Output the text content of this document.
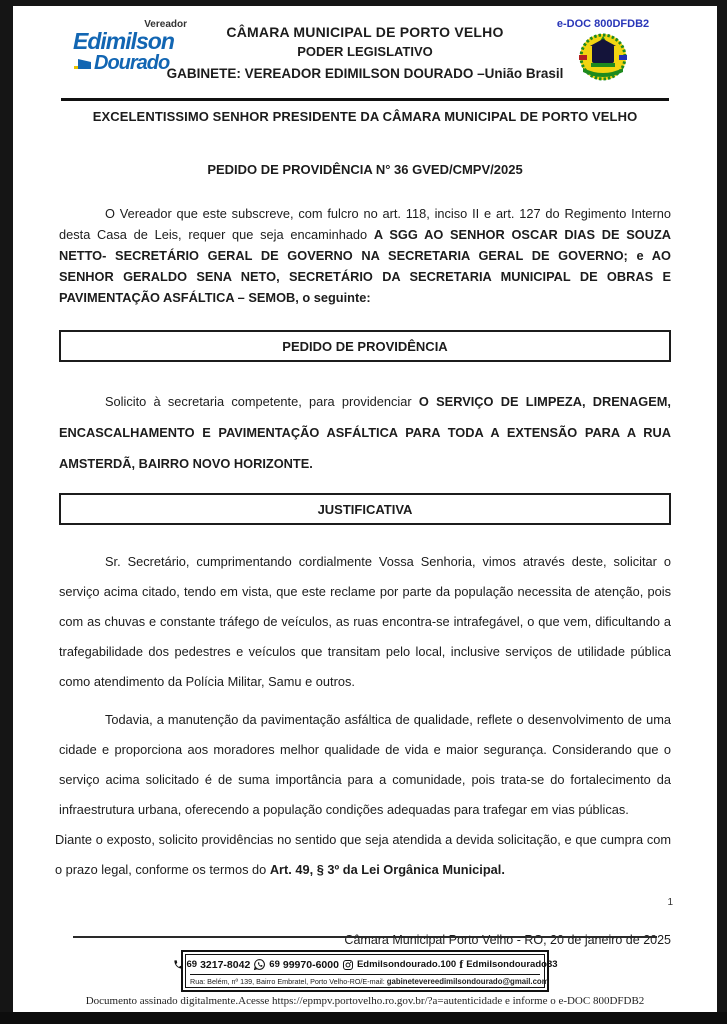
Vereador
Edimilson
Dourado
CÂMARA MUNICIPAL DE PORTO VELHO
PODER LEGISLATIVO
GABINETE: VEREADOR EDIMILSON DOURADO –União Brasil
e-DOC 800DFDB2
EXCELENTISSIMO SENHOR PRESIDENTE DA CÂMARA MUNICIPAL DE PORTO VELHO
PEDIDO DE PROVIDÊNCIA N° 36 GVED/CMPV/2025

O Vereador que este subscreve, com fulcro no art. 118, inciso II e art. 127 do Regimento Interno desta Casa de Leis, requer que seja encaminhado A SGG AO SENHOR OSCAR DIAS DE SOUZA NETTO- SECRETÁRIO GERAL DE GOVERNO NA SECRETARIA GERAL DE GOVERNO; e AO SENHOR GERALDO SENA NETO, SECRETÁRIO DA SECRETARIA MUNICIPAL DE OBRAS E PAVIMENTAÇÃO ASFÁLTICA – SEMOB, o seguinte:

PEDIDO DE PROVIDÊNCIA

Solicito à secretaria competente, para providenciar O SERVIÇO DE LIMPEZA, DRENAGEM, ENCASCALHAMENTO E PAVIMENTAÇÃO ASFÁLTICA PARA TODA A EXTENSÃO PARA A RUA AMSTERDÃ, BAIRRO NOVO HORIZONTE.

JUSTIFICATIVA

Sr. Secretário, cumprimentando cordialmente Vossa Senhoria, vimos através deste, solicitar o serviço acima citado, tendo em vista, que este reclame por parte da população necessita de atenção, pois com as chuvas e constante tráfego de veículos, as ruas encontra-se intrafegável, o que vem, dificultando a trafegabilidade dos pedestres e veículos que transitam pelo local, inclusive serviços de utilidade pública como atendimento da Polícia Militar, Samu e outros.

Todavia, a manutenção da pavimentação asfáltica de qualidade, reflete o desenvolvimento de uma cidade e proporciona aos moradores melhor qualidade de vida e maior segurança. Considerando que o serviço acima solicitado é de suma importância para a comunidade, pois trata-se do fortalecimento da infraestrutura urbana, oferecendo a população condições adequadas para trafegar em vias públicas.

Diante o exposto, solicito providências no sentido que seja atendida a devida solicitação, e que cumpra com o prazo legal, conforme os termos do Art. 49, § 3º da Lei Orgânica Municipal.

Câmara Municipal Porto Velho - RO, 20 de janeiro de 2025
1
69 3217-8042 69 99970-6000 Edmilsondourado.100 f Edmilsondourado33
Rua: Belém, nº 139, Bairro Embratel, Porto Velho-RO/E-mail: gabinetevereedimilsondourado@gmail.com
Documento assinado digitalmente.Acesse https://epmpv.portovelho.ro.gov.br/?a=autenticidade e informe o e-DOC 800DFDB2
